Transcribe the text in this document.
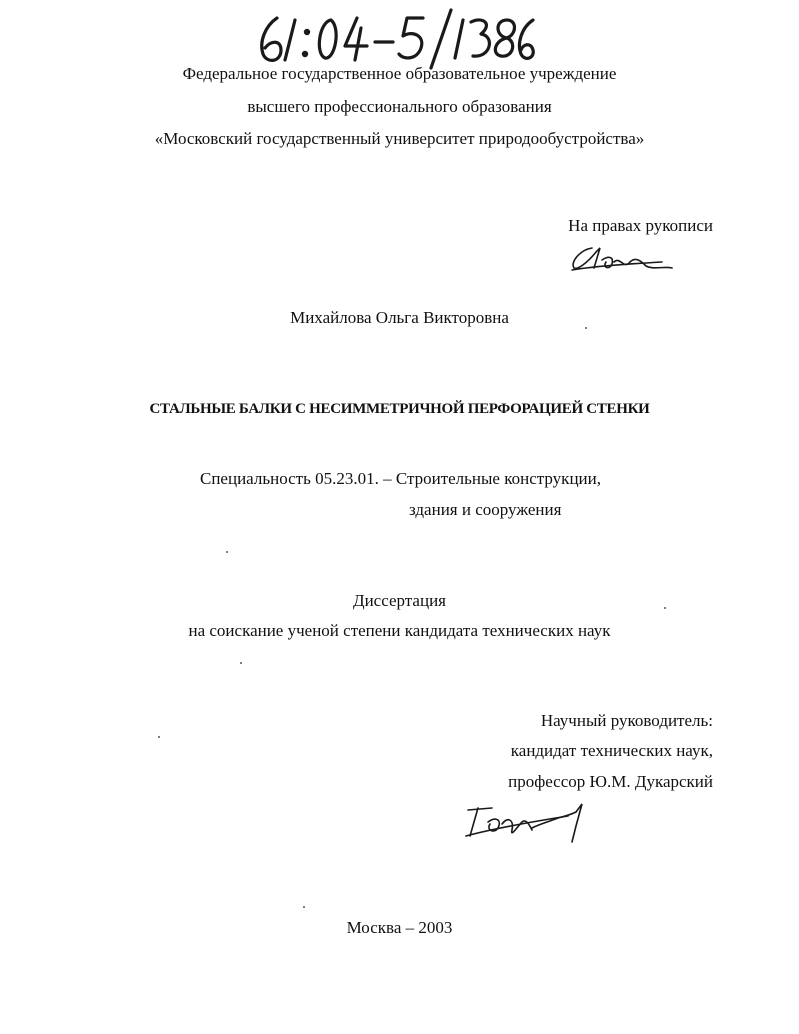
Федеральное государственное образовательное учреждение
высшего профессионального образования
«Московский государственный университет природообустройства»
На правах рукописи
Михайлова Ольга Викторовна
СТАЛЬНЫЕ БАЛКИ С НЕСИММЕТРИЧНОЙ ПЕРФОРАЦИЕЙ СТЕНКИ
Специальность 05.23.01. – Строительные конструкции,
здания и сооружения
Диссертация
на соискание ученой степени кандидата технических наук
Научный руководитель:
кандидат технических наук,
профессор Ю.М. Дукарский
Москва – 2003
